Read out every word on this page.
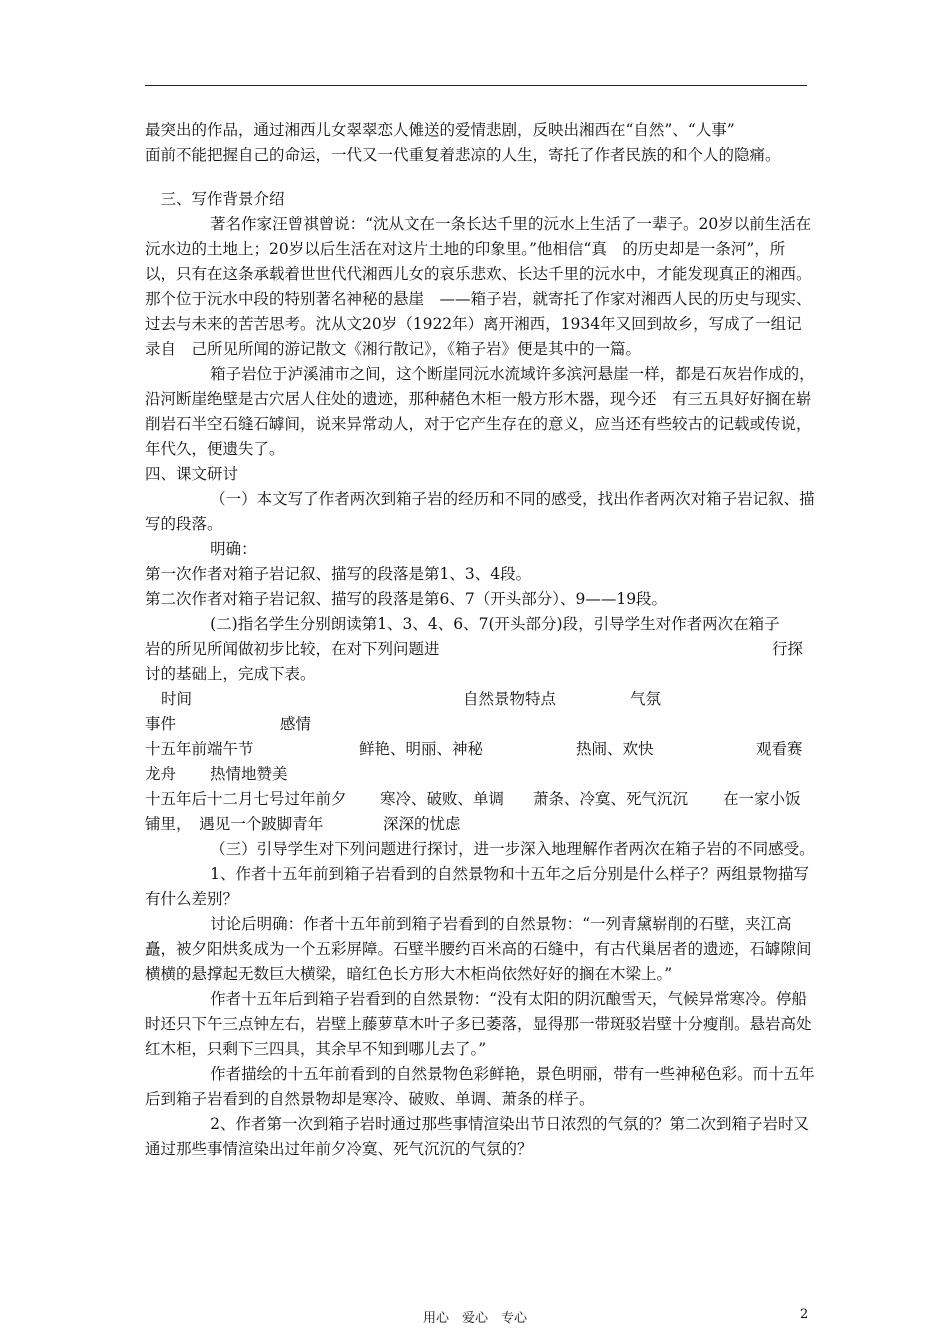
最突出的作品，通过湘西儿女翠翠恋人傩送的爱情悲剧，反映出湘西在“自然”、“人事”

面前不能把握自己的命运，一代又一代重复着悲凉的人生，寄托了作者民族的和个人的隐痛。

三、写作背景介绍

著名作家汪曾祺曾说：“沈从文在一条长达千里的沅水上生活了一辈子。20岁以前生活在沅水边的土地上；20岁以后生活在对这片土地的印象里。”他相信“真　的历史却是一条河”，所以，只有在这条承载着世世代代湘西儿女的哀乐悲欢、长达千里的沅水中，才能发现真正的湘西。那个位于沅水中段的特别著名神秘的悬崖　——箱子岩，就寄托了作家对湘西人民的历史与现实、过去与未来的苦苦思考。沈从文20岁（1922年）离开湘西，1934年又回到故乡，写成了一组记录自　己所见所闻的游记散文《湘行散记》，《箱子岩》便是其中的一篇。

箱子岩位于泸溪浦市之间，这个断崖同沅水流域许多滨河悬崖一样，都是石灰岩作成的，沿河断崖绝壁是古穴居人住处的遗迹，那种赭色木柜一般方形木器，现今还　有三五具好好搁在崭削岩石半空石缝石罅间，说来异常动人，对于它产生存在的意义，应当还有些较古的记载或传说，年代久，便遗失了。

四、课文研讨

（一）本文写了作者两次到箱子岩的经历和不同的感受，找出作者两次对箱子岩记叙、描写的段落。

明确：

第一次作者对箱子岩记叙、描写的段落是第1、3、4段。

第二次作者对箱子岩记叙、描写的段落是第6、7（开头部分）、9——19段。

(二)指名学生分别朗读第1、3、4、6、7(开头部分)段，引导学生对作者两次在箱子

岩的所见所闻做初步比较，在对下列问题进	行探

讨的基础上，完成下表。

时间	自然景物特点	气氛

事件	感情

十五年前端午节	鲜艳、明丽、神秘	热闹、欢快	观看赛

龙舟	热情地赞美

十五年后十二月七号过年前夕	寒冷、破败、单调	萧条、冷寞、死气沉沉	在一家小饭

铺里，　遇见一个跛脚青年	深深的忧虑

（三）引导学生对下列问题进行探讨，进一步深入地理解作者两次在箱子岩的不同感受。

1、作者十五年前到箱子岩看到的自然景物和十五年之后分别是什么样子？两组景物描写有什么差别？

讨论后明确：作者十五年前到箱子岩看到的自然景物：“一列青黛崭削的石壁，夹江高矗，被夕阳烘炙成为一个五彩屏障。石壁半腰约百米高的石缝中，有古代巢居者的遗迹，石罅隙间横横的悬撑起无数巨大横梁，暗红色长方形大木柜尚依然好好的搁在木梁上。”

作者十五年后到箱子岩看到的自然景物：“没有太阳的阴沉酿雪天，气候异常寒冷。停船时还只下午三点钟左右，岩壁上藤萝草木叶子多已萎落，显得那一带斑驳岩壁十分瘦削。悬岩高处红木柜，只剩下三四具，其余早不知到哪儿去了。”

作者描绘的十五年前看到的自然景物色彩鲜艳，景色明丽，带有一些神秘色彩。而十五年后到箱子岩看到的自然景物却是寒冷、破败、单调、萧条的样子。

2、作者第一次到箱子岩时通过那些事情渲染出节日浓烈的气氛的？第二次到箱子岩时又通过那些事情渲染出过年前夕冷寞、死气沉沉的气氛的？

用心　爱心　专心	2
